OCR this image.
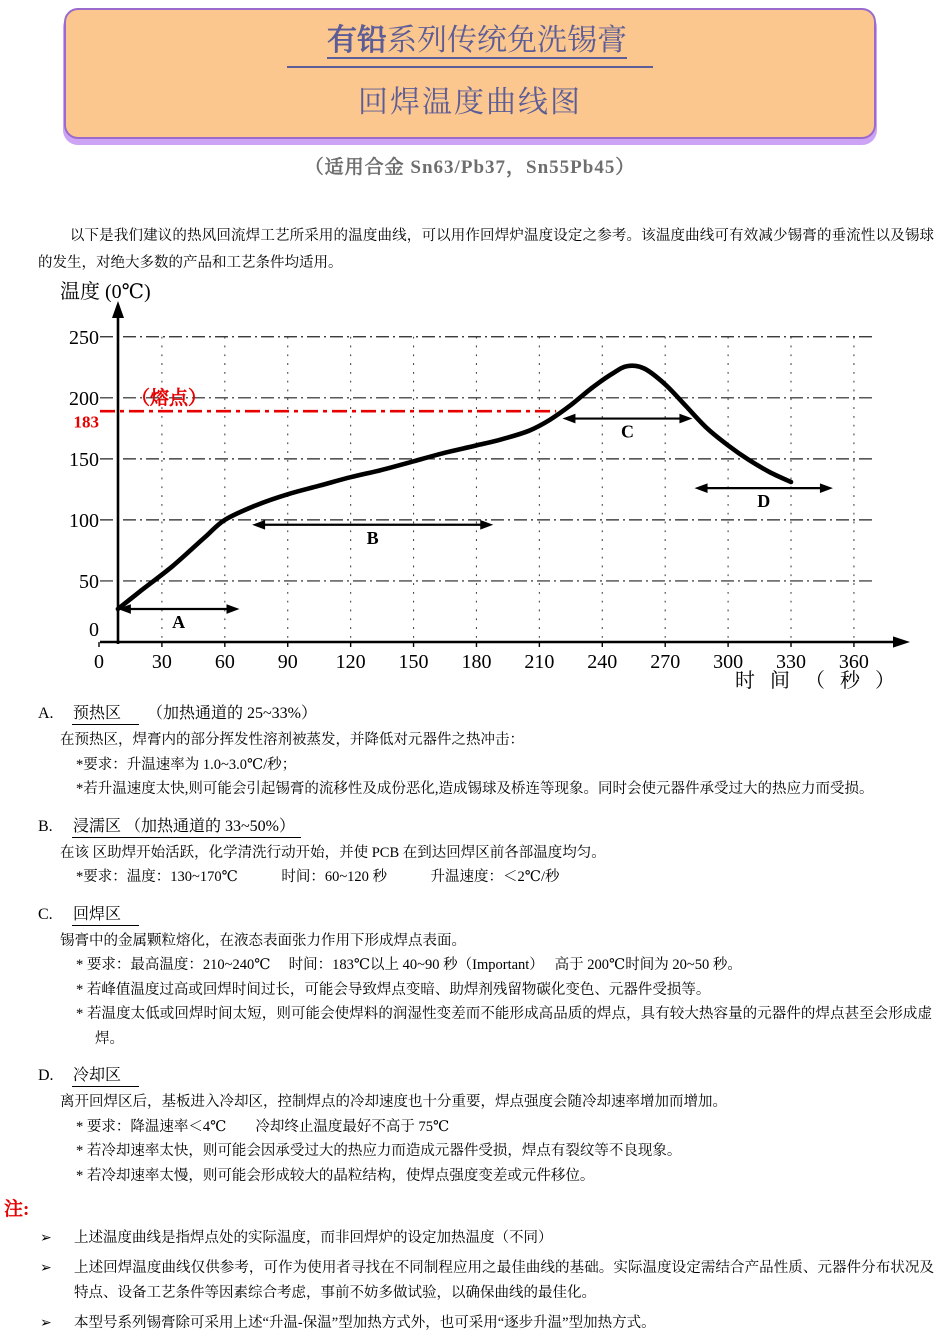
有铅系列传统免洗锡膏
回焊温度曲线图
（适用合金 Sn63/Pb37，Sn55Pb45）

以下是我们建议的热风回流焊工艺所采用的温度曲线，可以用作回焊炉温度设定之参考。该温度曲线可有效减少锡膏的垂流性以及锡球的发生，对绝大多数的产品和工艺条件均适用。

（熔点）
183
A
B
C
D
0 30 60 90 120 150 180 210 240 270 300 330 360
0
50
100
150
200
250
温度 (0℃)
时 间 （ 秒 ）
A. 预热区 （加热通道的 25~33%）
在预热区，焊膏内的部分挥发性溶剂被蒸发，并降低对元器件之热冲击：
*要求：升温速率为 1.0~3.0℃/秒；
*若升温速度太快,则可能会引起锡膏的流移性及成份恶化,造成锡球及桥连等现象。同时会使元器件承受过大的热应力而受损。
B. 浸濡区 （加热通道的 33~50%）
在该 区助焊开始活跃，化学清洗行动开始，并使 PCB 在到达回焊区前各部温度均匀。
*要求：温度：130~170℃　　　时间：60~120 秒　　　升温速度：＜2℃/秒
C. 回焊区
锡膏中的金属颗粒熔化，在液态表面张力作用下形成焊点表面。
* 要求：最高温度：210~240℃　 时间：183℃以上 40~90 秒（Important）　 高于 200℃时间为 20~50 秒。
* 若峰值温度过高或回焊时间过长，可能会导致焊点变暗、助焊剂残留物碳化变色、元器件受损等。
* 若温度太低或回焊时间太短，则可能会使焊料的润湿性变差而不能形成高品质的焊点，具有较大热容量的元器件的焊点甚至会形成虚焊。
D. 冷却区
离开回焊区后，基板进入冷却区，控制焊点的冷却速度也十分重要，焊点强度会随冷却速率增加而增加。
* 要求：降温速率＜4℃　　冷却终止温度最好不高于 75℃
* 若冷却速率太快，则可能会因承受过大的热应力而造成元器件受损，焊点有裂纹等不良现象。
* 若冷却速率太慢，则可能会形成较大的晶粒结构，使焊点强度变差或元件移位。
注:
➢	上述温度曲线是指焊点处的实际温度，而非回焊炉的设定加热温度（不同）
➢	上述回焊温度曲线仅供参考，可作为使用者寻找在不同制程应用之最佳曲线的基础。实际温度设定需结合产品性质、元器件分布状况及特点、设备工艺条件等因素综合考虑，事前不妨多做试验，以确保曲线的最佳化。
➢	本型号系列锡膏除可采用上述“升温-保温”型加热方式外，也可采用“逐步升温”型加热方式。
